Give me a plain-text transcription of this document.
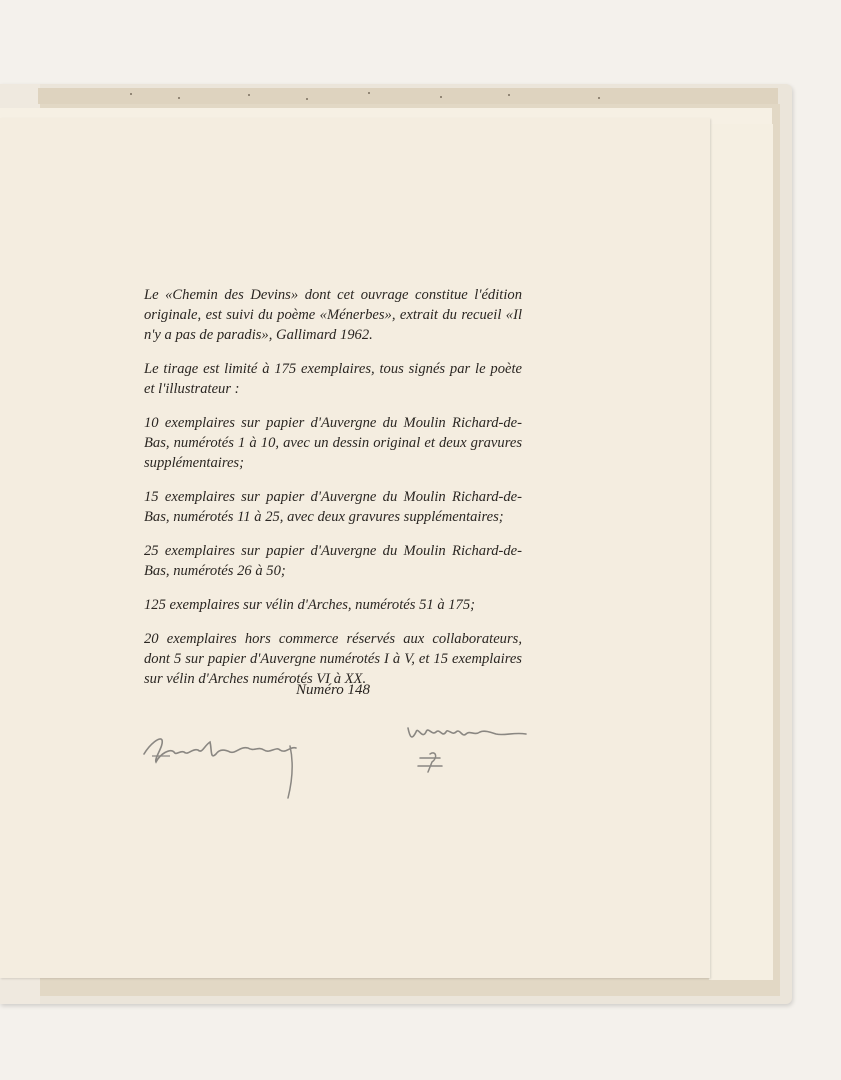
Le «Chemin des Devins» dont cet ouvrage constitue l'édition originale, est suivi du poème «Ménerbes», extrait du recueil «Il n'y a pas de paradis», Gallimard 1962.

Le tirage est limité à 175 exemplaires, tous signés par le poète et l'illustrateur :

10 exemplaires sur papier d'Auvergne du Moulin Richard-de-Bas, numérotés 1 à 10, avec un dessin original et deux gravures supplémentaires;

15 exemplaires sur papier d'Auvergne du Moulin Richard-de-Bas, numérotés 11 à 25, avec deux gravures supplémentaires;

25 exemplaires sur papier d'Auvergne du Moulin Richard-de-Bas, numérotés 26 à 50;

125 exemplaires sur vélin d'Arches, numérotés 51 à 175;

20 exemplaires hors commerce réservés aux collaborateurs, dont 5 sur papier d'Auvergne numérotés I à V, et 15 exemplaires sur vélin d'Arches numérotés VI à XX.

Numéro 148
